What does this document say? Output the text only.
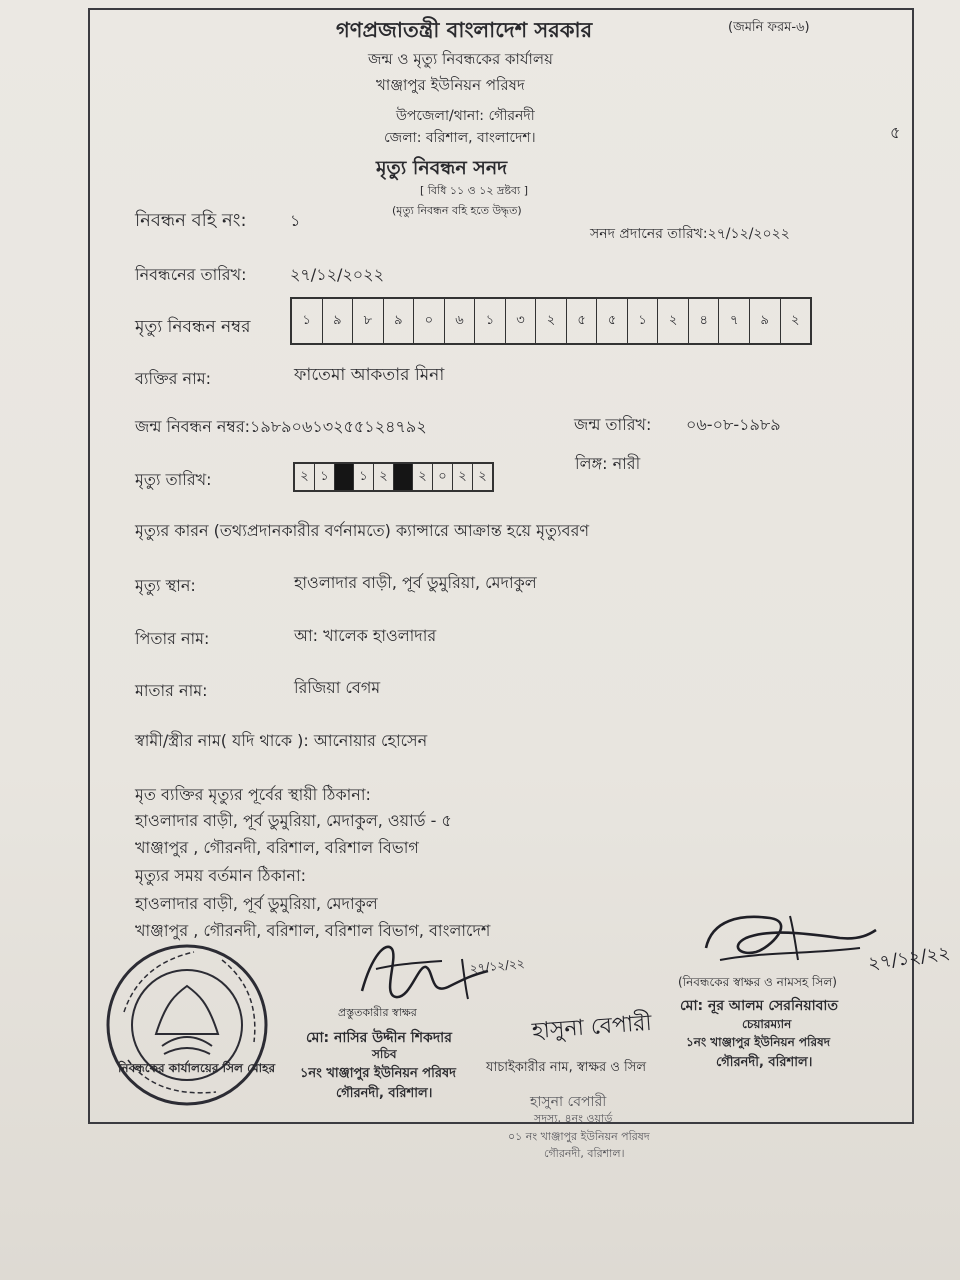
গণপ্রজাতন্ত্রী বাংলাদেশ সরকার	(জমনি ফরম-৬)
জন্ম ও মৃত্যু নিবন্ধকের কার্যালয়
খাঞ্জাপুর ইউনিয়ন পরিষদ
উপজেলা/থানা: গৌরনদী
জেলা: বরিশাল, বাংলাদেশ।
মৃত্যু নিবন্ধন সনদ
[ বিধি ১১ ও ১২ দ্রষ্টব্য ]
(মৃত্যু নিবন্ধন বহি হতে উদ্ধৃত)
৫
নিবন্ধন বহি নং:	১
সনদ প্রদানের তারিখ:২৭/১২/২০২২
নিবন্ধনের তারিখ:	২৭/১২/২০২২
মৃত্যু নিবন্ধন নম্বর	১	৯	৮	৯	০	৬	১	৩	২	৫	৫	১	২	৪	৭	৯	২
ব্যক্তির নাম:	ফাতেমা আকতার মিনা
জন্ম নিবন্ধন নম্বর:১৯৮৯০৬১৩২৫৫১২৪৭৯২	জন্ম তারিখ: ০৬-০৮-১৯৮৯
মৃত্যু তারিখ:	২ ১	১ ২	২ ০ ২ ২
লিঙ্গ: নারী
মৃত্যুর কারন (তথ্যপ্রদানকারীর বর্ণনামতে) ক্যান্সারে আক্রান্ত হয়ে মৃত্যুবরণ
মৃত্যু স্থান:	হাওলাদার বাড়ী, পূর্ব ডুমুরিয়া, মেদাকুল
পিতার নাম:	আ: খালেক হাওলাদার
মাতার নাম:	রিজিয়া বেগম
স্বামী/স্ত্রীর নাম( যদি থাকে ): আনোয়ার হোসেন
মৃত ব্যক্তির মৃত্যুর পূর্বের স্থায়ী ঠিকানা:
হাওলাদার বাড়ী, পূর্ব ডুমুরিয়া, মেদাকুল, ওয়ার্ড - ৫
খাঞ্জাপুর , গৌরনদী, বরিশাল, বরিশাল বিভাগ
মৃত্যুর সময় বর্তমান ঠিকানা:
হাওলাদার বাড়ী, পূর্ব ডুমুরিয়া, মেদাকুল
খাঞ্জাপুর , গৌরনদী, বরিশাল, বরিশাল বিভাগ, বাংলাদেশ
নিবন্ধকের কার্যালয়ের সিল মোহর
২৭/১২/২২
প্রস্তুতকারীর স্বাক্ষর
মো: নাসির উদ্দীন শিকদার
সচিব
১নং খাঞ্জাপুর ইউনিয়ন পরিষদ
গৌরনদী, বরিশাল।
হাসুনা বেপারী
যাচাইকারীর নাম, স্বাক্ষর ও সিল
হাসুনা বেপারী
সদস্য, ৪নং ওয়ার্ড
০১ নং খাঞ্জাপুর ইউনিয়ন পরিষদ
গৌরনদী, বরিশাল।
২৭/১২/২২
(নিবন্ধকের স্বাক্ষর ও নামসহ সিল)
মো: নূর আলম সেরনিয়াবাত
চেয়ারম্যান
১নং খাঞ্জাপুর ইউনিয়ন পরিষদ
গৌরনদী, বরিশাল।
